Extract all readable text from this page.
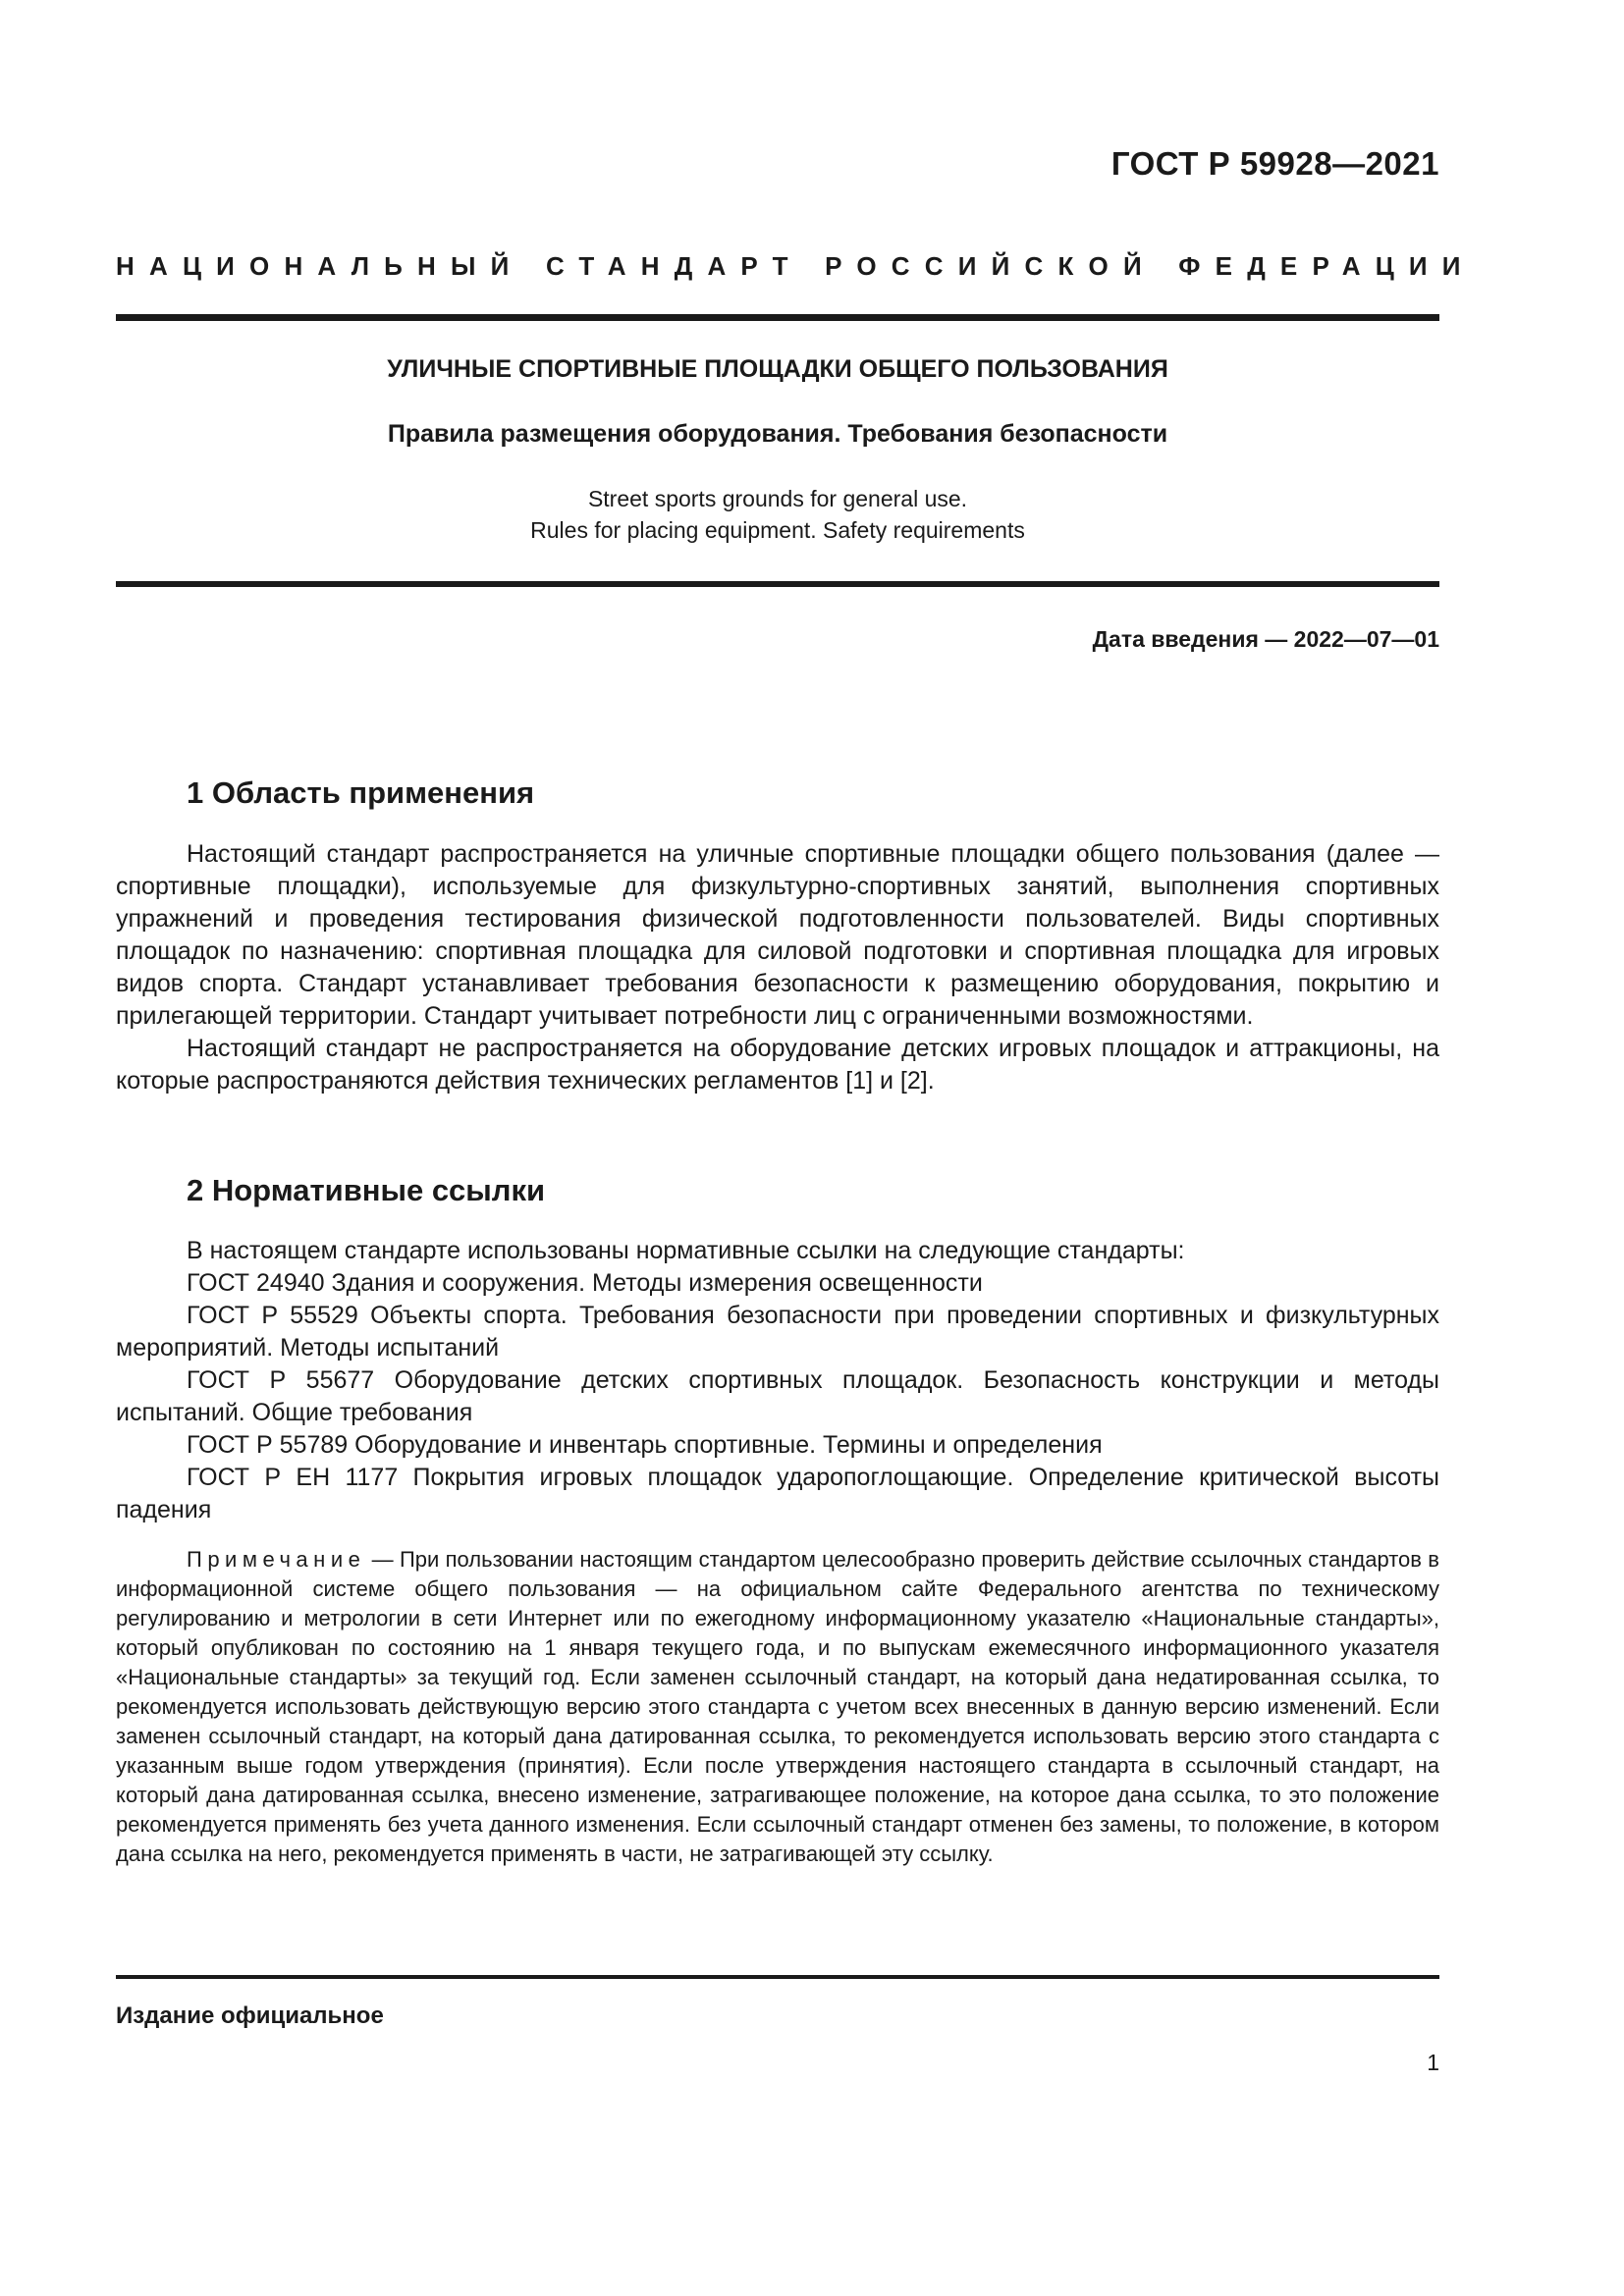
ГОСТ Р 59928—2021

НАЦИОНАЛЬНЫЙ СТАНДАРТ РОССИЙСКОЙ ФЕДЕРАЦИИ

УЛИЧНЫЕ СПОРТИВНЫЕ ПЛОЩАДКИ ОБЩЕГО ПОЛЬЗОВАНИЯ
Правила размещения оборудования. Требования безопасности
Street sports grounds for general use.
Rules for placing equipment. Safety requirements

Дата введения — 2022—07—01

1 Область применения

Настоящий стандарт распространяется на уличные спортивные площадки общего пользования (далее — спортивные площадки), используемые для физкультурно-спортивных занятий, выполнения спортивных упражнений и проведения тестирования физической подготовленности пользователей. Виды спортивных площадок по назначению: спортивная площадка для силовой подготовки и спортивная площадка для игровых видов спорта. Стандарт устанавливает требования безопасности к размещению оборудования, покрытию и прилегающей территории. Стандарт учитывает потребности лиц с ограниченными возможностями.

Настоящий стандарт не распространяется на оборудование детских игровых площадок и аттракционы, на которые распространяются действия технических регламентов [1] и [2].

2 Нормативные ссылки

В настоящем стандарте использованы нормативные ссылки на следующие стандарты:

ГОСТ 24940 Здания и сооружения. Методы измерения освещенности

ГОСТ Р 55529 Объекты спорта. Требования безопасности при проведении спортивных и физкультурных мероприятий. Методы испытаний

ГОСТ Р 55677 Оборудование детских спортивных площадок. Безопасность конструкции и методы испытаний. Общие требования

ГОСТ Р 55789 Оборудование и инвентарь спортивные. Термины и определения

ГОСТ Р ЕН 1177 Покрытия игровых площадок ударопоглощающие. Определение критической высоты падения

Примечание — При пользовании настоящим стандартом целесообразно проверить действие ссылочных стандартов в информационной системе общего пользования — на официальном сайте Федерального агентства по техническому регулированию и метрологии в сети Интернет или по ежегодному информационному указателю «Национальные стандарты», который опубликован по состоянию на 1 января текущего года, и по выпускам ежемесячного информационного указателя «Национальные стандарты» за текущий год. Если заменен ссылочный стандарт, на который дана недатированная ссылка, то рекомендуется использовать действующую версию этого стандарта с учетом всех внесенных в данную версию изменений. Если заменен ссылочный стандарт, на который дана датированная ссылка, то рекомендуется использовать версию этого стандарта с указанным выше годом утверждения (принятия). Если после утверждения настоящего стандарта в ссылочный стандарт, на который дана датированная ссылка, внесено изменение, затрагивающее положение, на которое дана ссылка, то это положение рекомендуется применять без учета данного изменения. Если ссылочный стандарт отменен без замены, то положение, в котором дана ссылка на него, рекомендуется применять в части, не затрагивающей эту ссылку.

Издание официальное

1
